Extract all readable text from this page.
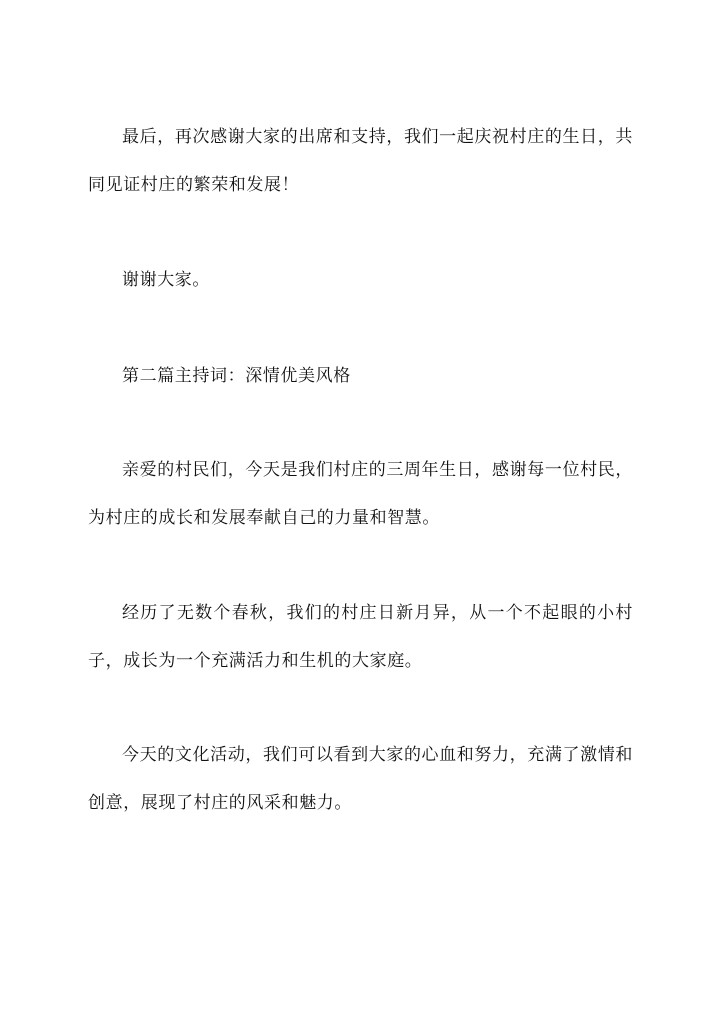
最后，再次感谢大家的出席和支持，我们一起庆祝村庄的生日，共同见证村庄的繁荣和发展！

谢谢大家。

第二篇主持词：深情优美风格

亲爱的村民们，今天是我们村庄的三周年生日，感谢每一位村民，为村庄的成长和发展奉献自己的力量和智慧。

经历了无数个春秋，我们的村庄日新月异，从一个不起眼的小村子，成长为一个充满活力和生机的大家庭。

今天的文化活动，我们可以看到大家的心血和努力，充满了激情和创意，展现了村庄的风采和魅力。
